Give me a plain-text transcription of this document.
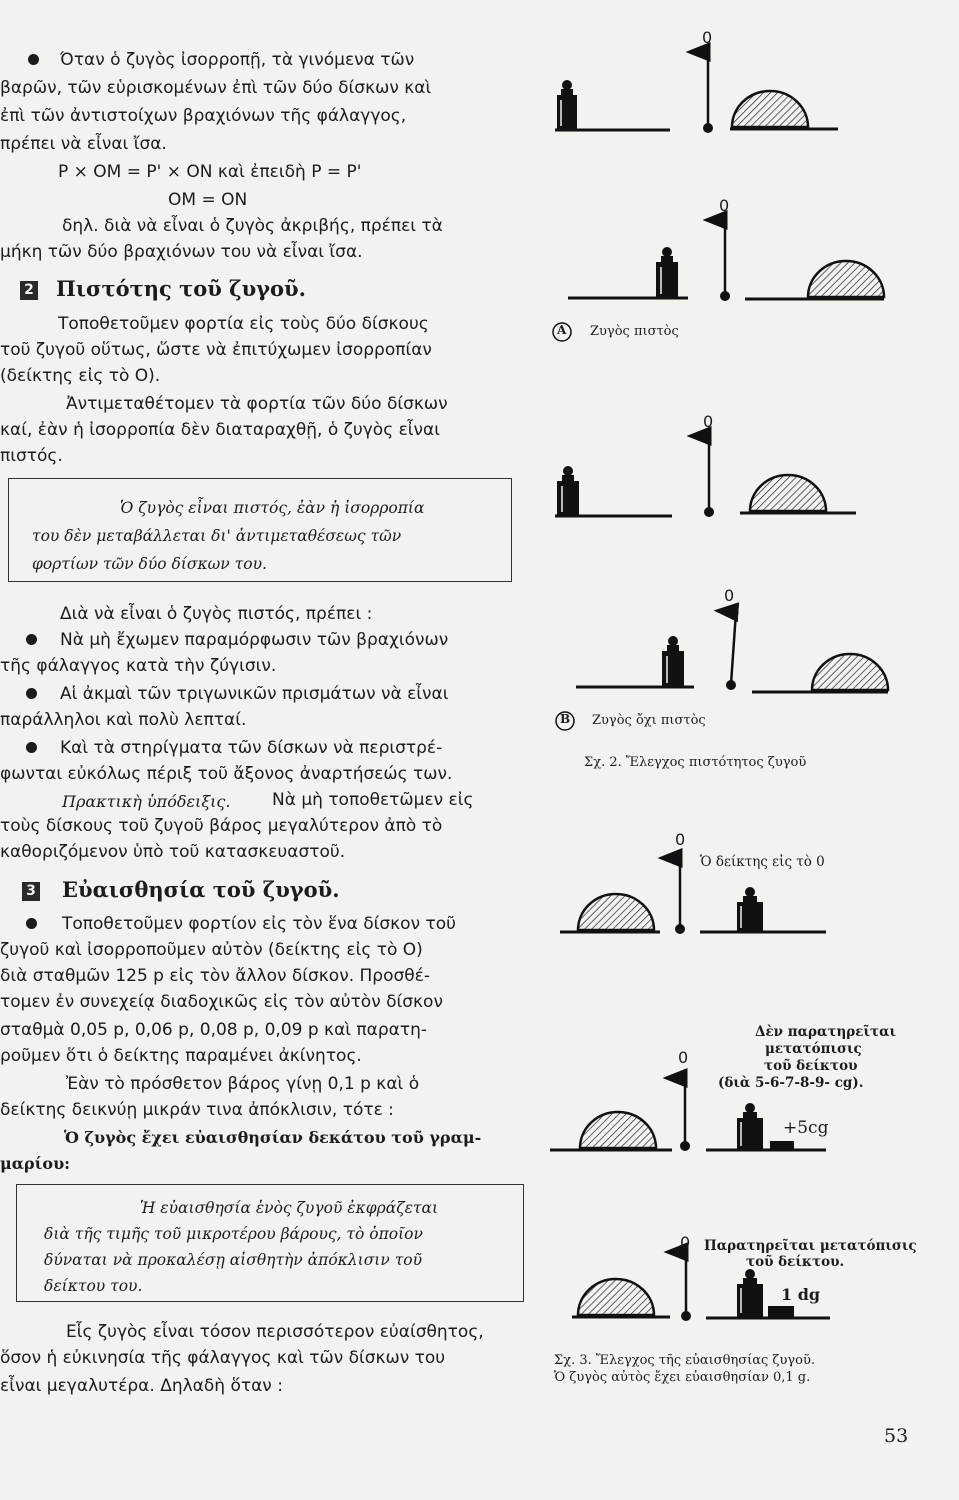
Όταν ὁ ζυγὸς ἰσορροπῇ, τὰ γινόμενα τῶν
βαρῶν, τῶν εὑρισκομένων ἐπὶ τῶν δύο δίσκων καὶ
ἐπὶ τῶν ἀντιστοίχων βραχιόνων τῆς φάλαγγος,
πρέπει νὰ εἶναι ἴσα.
P × OM = P' × ON καὶ ἐπειδὴ P = P'
OM = ON
δηλ. διὰ νὰ εἶναι ὁ ζυγὸς ἀκριβής, πρέπει τὰ
μήκη τῶν δύο βραχιόνων του νὰ εἶναι ἴσα.
2 Πιστότης τοῦ ζυγοῦ.
Τοποθετοῦμεν φορτία εἰς τοὺς δύο δίσκους
τοῦ ζυγοῦ οὕτως, ὥστε νὰ ἐπιτύχωμεν ἰσορροπίαν
(δείκτης εἰς τὸ Ο).
Ἀντιμεταθέτομεν τὰ φορτία τῶν δύο δίσκων
καί, ἐὰν ἡ ἰσορροπία δὲν διαταραχθῇ, ὁ ζυγὸς εἶναι
πιστός.
Ὁ ζυγὸς εἶναι πιστός, ἐὰν ἡ ἰσορροπία
του δὲν μεταβάλλεται δι' ἀντιμεταθέσεως τῶν
φορτίων τῶν δύο δίσκων του.
Διὰ νὰ εἶναι ὁ ζυγὸς πιστός, πρέπει :
Νὰ μὴ ἔχωμεν παραμόρφωσιν τῶν βραχιόνων
τῆς φάλαγγος κατὰ τὴν ζύγισιν.
Αἱ ἀκμαὶ τῶν τριγωνικῶν πρισμάτων νὰ εἶναι
παράλληλοι καὶ πολὺ λεπταί.
Καὶ τὰ στηρίγματα τῶν δίσκων νὰ περιστρέ-
φωνται εὐκόλως πέριξ τοῦ ἄξονος ἀναρτήσεώς των.
Πρακτικὴ ὑπόδειξις. Νὰ μὴ τοποθετῶμεν εἰς
τοὺς δίσκους τοῦ ζυγοῦ βάρος μεγαλύτερον ἀπὸ τὸ
καθοριζόμενον ὑπὸ τοῦ κατασκευαστοῦ.
3 Εὐαισθησία τοῦ ζυγοῦ.
Τοποθετοῦμεν φορτίον εἰς τὸν ἕνα δίσκον τοῦ
ζυγοῦ καὶ ἰσορροποῦμεν αὐτὸν (δείκτης εἰς τὸ Ο)
διὰ σταθμῶν 125 p εἰς τὸν ἄλλον δίσκον. Προσθέ-
τομεν ἐν συνεχείᾳ διαδοχικῶς εἰς τὸν αὐτὸν δίσκον
σταθμὰ 0,05 p, 0,06 p, 0,08 p, 0,09 p καὶ παρατη-
ροῦμεν ὅτι ὁ δείκτης παραμένει ἀκίνητος.
Ἐὰν τὸ πρόσθετον βάρος γίνῃ 0,1 p καὶ ὁ
δείκτης δεικνύῃ μικράν τινα ἀπόκλισιν, τότε :
Ὁ ζυγὸς ἔχει εὐαισθησίαν δεκάτου τοῦ γραμ-
μαρίου:
Ἡ εὐαισθησία ἑνὸς ζυγοῦ ἐκφράζεται
διὰ τῆς τιμῆς τοῦ μικροτέρου βάρους, τὸ ὁποῖον
δύναται νὰ προκαλέσῃ αἰσθητὴν ἀπόκλισιν τοῦ
δείκτου του.
Εἷς ζυγὸς εἶναι τόσον περισσότερον εὐαίσθητος,
ὅσον ἡ εὐκινησία τῆς φάλαγγος καὶ τῶν δίσκων του
εἶναι μεγαλυτέρα. Δηλαδὴ ὅταν :
0
0
A Ζυγὸς πιστὸς
0
0
B Ζυγὸς ὄχι πιστὸς
Σχ. 2. Ἔλεγχος πιστότητος ζυγοῦ
0
Ὁ δείκτης εἰς τὸ 0
0
Δὲν παρατηρεῖται
μετατόπισις
τοῦ δείκτου
(διὰ 5-6-7-8-9- cg).
+5cg
0 Παρατηρεῖται μετατόπισις
τοῦ δείκτου.
1 dg
Σχ. 3. Ἔλεγχος τῆς εὐαισθησίας ζυγοῦ.
Ὁ ζυγὸς αὐτὸς ἔχει εὐαισθησίαν 0,1 g.
53
